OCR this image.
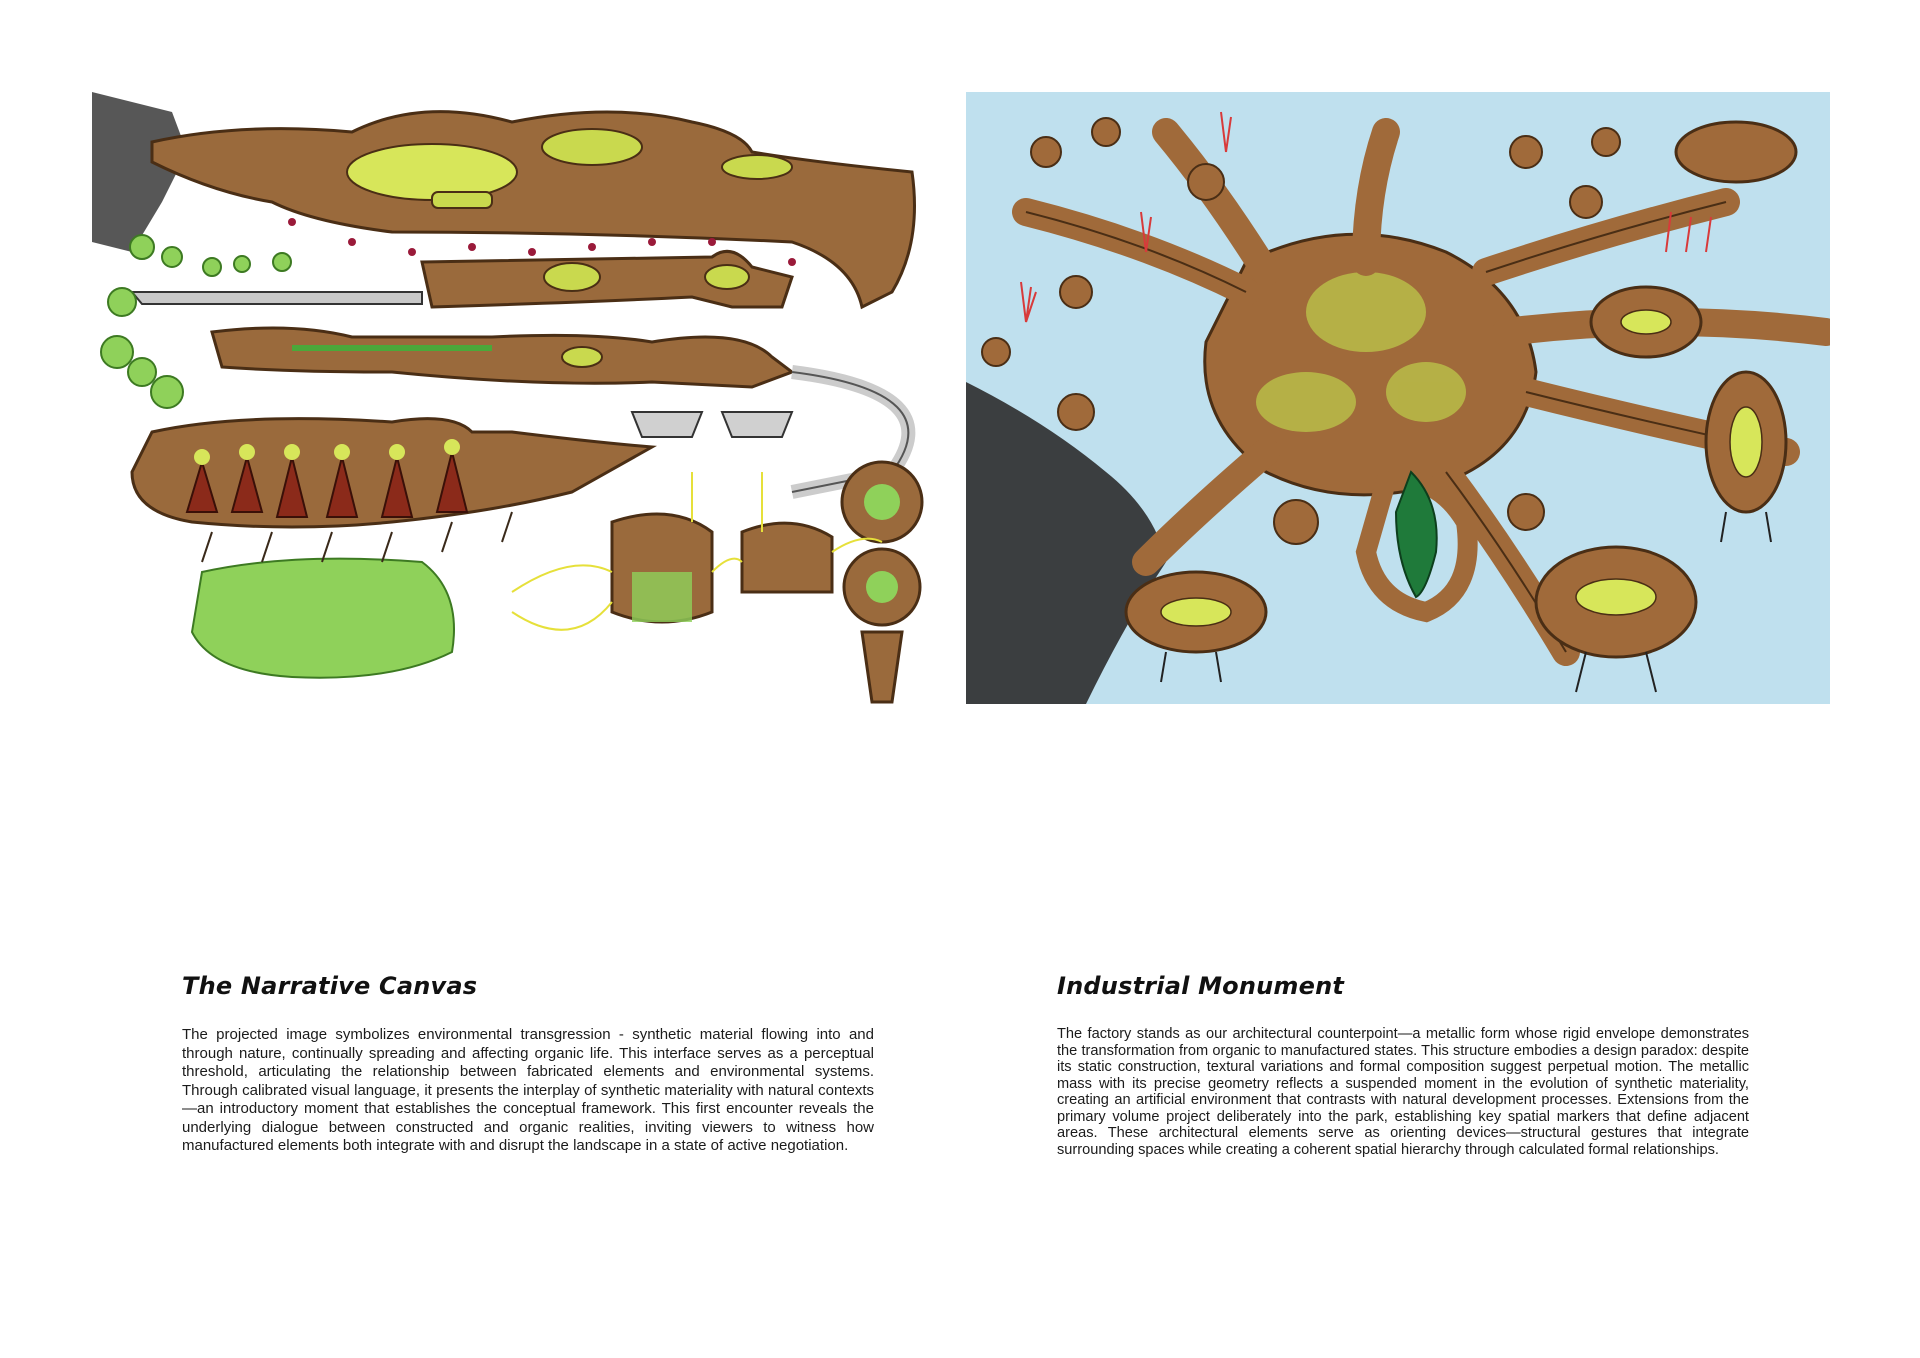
The Narrative Canvas

The projected image symbolizes environmental transgression - synthetic material flowing into and through nature, continually spreading and affecting organic life. This interface serves as a perceptual threshold, articulating the relationship between fabricated elements and environmental systems. Through calibrated visual language, it presents the interplay of synthetic materiality with natural contexts—an introductory moment that establishes the conceptual framework. This first encounter reveals the underlying dialogue between constructed and organic realities, inviting viewers to witness how manufactured elements both integrate with and disrupt the landscape in a state of active negotiation.

Industrial Monument

The factory stands as our architectural counterpoint—a metallic form whose rigid envelope demonstrates the transformation from organic to manufactured states. This structure embodies a design paradox: despite its static construction, textural variations and formal composition suggest perpetual motion. The metallic mass with its precise geometry reflects a suspended moment in the evolution of synthetic materiality, creating an artificial environment that contrasts with natural development processes. Extensions from the primary volume project deliberately into the park, establishing key spatial markers that define adjacent areas. These architectural elements serve as orienting devices—structural gestures that integrate surrounding spaces while creating a coherent spatial hierarchy through calculated formal relationships.
